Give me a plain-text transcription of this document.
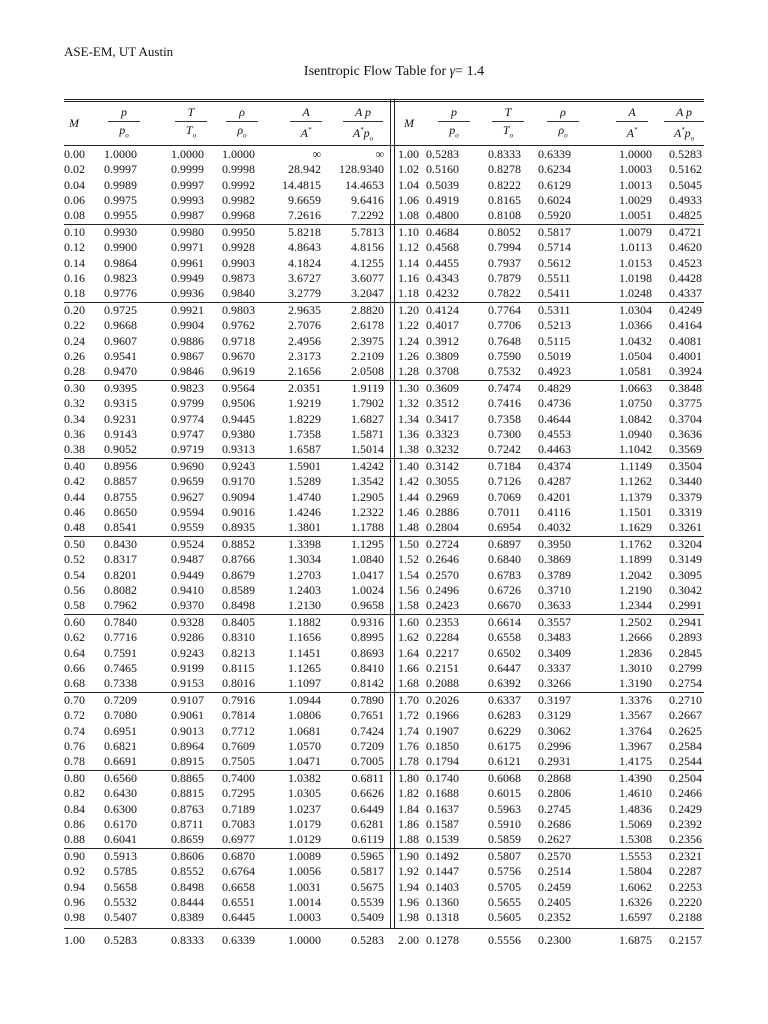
ASE-EM, UT Austin
Isentropic Flow Table for γ= 1.4
M	$\frac{p}{p_o} \frac{T}{T_o} \frac{\rho}{\rho_o} \frac{A}{A^*} \frac{\text{A p}}{A^*p_o}$	M	$\frac{p}{p_o} \frac{T}{T_o} \frac{\rho}{\rho_o} \frac{A}{A^*} \frac{\text{A p}}{A^*p_o}$
0.00	1.0000	1.0000	1.0000	∞	∞ 1.00 0.5283	0.8333	0.6339	1.0000	0.5283
0.02	0.9997	0.9999	0.9998	28.942	128.9340 1.02 0.5160	0.8278	0.6234	1.0003	0.5162
0.04	0.9989	0.9997	0.9992	14.4815	14.4653 1.04 0.5039	0.8222	0.6129	1.0013	0.5045
0.06	0.9975	0.9993	0.9982	9.6659	9.6416 1.06 0.4919	0.8165	0.6024	1.0029	0.4933
0.08	0.9955	0.9987	0.9968	7.2616	7.2292 1.08 0.4800	0.8108	0.5920	1.0051	0.4825
0.10	0.9930	0.9980	0.9950	5.8218	5.7813 1.10 0.4684	0.8052	0.5817	1.0079	0.4721
0.12	0.9900	0.9971	0.9928	4.8643	4.8156 1.12 0.4568	0.7994	0.5714	1.0113	0.4620
0.14	0.9864	0.9961	0.9903	4.1824	4.1255 1.14 0.4455	0.7937	0.5612	1.0153	0.4523
0.16	0.9823	0.9949	0.9873	3.6727	3.6077 1.16 0.4343	0.7879	0.5511	1.0198	0.4428
0.18	0.9776	0.9936	0.9840	3.2779	3.2047 1.18 0.4232	0.7822	0.5411	1.0248	0.4337
0.20	0.9725	0.9921	0.9803	2.9635	2.8820 1.20 0.4124	0.7764	0.5311	1.0304	0.4249
0.22	0.9668	0.9904	0.9762	2.7076	2.6178 1.22 0.4017	0.7706	0.5213	1.0366	0.4164
0.24	0.9607	0.9886	0.9718	2.4956	2.3975 1.24 0.3912	0.7648	0.5115	1.0432	0.4081
0.26	0.9541	0.9867	0.9670	2.3173	2.2109 1.26 0.3809	0.7590	0.5019	1.0504	0.4001
0.28	0.9470	0.9846	0.9619	2.1656	2.0508 1.28 0.3708	0.7532	0.4923	1.0581	0.3924
0.30	0.9395	0.9823	0.9564	2.0351	1.9119 1.30 0.3609	0.7474	0.4829	1.0663	0.3848
0.32	0.9315	0.9799	0.9506	1.9219	1.7902 1.32 0.3512	0.7416	0.4736	1.0750	0.3775
0.34	0.9231	0.9774	0.9445	1.8229	1.6827 1.34 0.3417	0.7358	0.4644	1.0842	0.3704
0.36	0.9143	0.9747	0.9380	1.7358	1.5871 1.36 0.3323	0.7300	0.4553	1.0940	0.3636
0.38	0.9052	0.9719	0.9313	1.6587	1.5014 1.38 0.3232	0.7242	0.4463	1.1042	0.3569
0.40	0.8956	0.9690	0.9243	1.5901	1.4242 1.40 0.3142	0.7184	0.4374	1.1149	0.3504
0.42	0.8857	0.9659	0.9170	1.5289	1.3542 1.42 0.3055	0.7126	0.4287	1.1262	0.3440
0.44	0.8755	0.9627	0.9094	1.4740	1.2905 1.44 0.2969	0.7069	0.4201	1.1379	0.3379
0.46	0.8650	0.9594	0.9016	1.4246	1.2322 1.46 0.2886	0.7011	0.4116	1.1501	0.3319
0.48	0.8541	0.9559	0.8935	1.3801	1.1788 1.48 0.2804	0.6954	0.4032	1.1629	0.3261
0.50	0.8430	0.9524	0.8852	1.3398	1.1295 1.50 0.2724	0.6897	0.3950	1.1762	0.3204
0.52	0.8317	0.9487	0.8766	1.3034	1.0840 1.52 0.2646	0.6840	0.3869	1.1899	0.3149
0.54	0.8201	0.9449	0.8679	1.2703	1.0417 1.54 0.2570	0.6783	0.3789	1.2042	0.3095
0.56	0.8082	0.9410	0.8589	1.2403	1.0024 1.56 0.2496	0.6726	0.3710	1.2190	0.3042
0.58	0.7962	0.9370	0.8498	1.2130	0.9658 1.58 0.2423	0.6670	0.3633	1.2344	0.2991
0.60	0.7840	0.9328	0.8405	1.1882	0.9316 1.60 0.2353	0.6614	0.3557	1.2502	0.2941
0.62	0.7716	0.9286	0.8310	1.1656	0.8995 1.62 0.2284	0.6558	0.3483	1.2666	0.2893
0.64	0.7591	0.9243	0.8213	1.1451	0.8693 1.64 0.2217	0.6502	0.3409	1.2836	0.2845
0.66	0.7465	0.9199	0.8115	1.1265	0.8410 1.66 0.2151	0.6447	0.3337	1.3010	0.2799
0.68	0.7338	0.9153	0.8016	1.1097	0.8142 1.68 0.2088	0.6392	0.3266	1.3190	0.2754
0.70	0.7209	0.9107	0.7916	1.0944	0.7890 1.70 0.2026	0.6337	0.3197	1.3376	0.2710
0.72	0.7080	0.9061	0.7814	1.0806	0.7651 1.72 0.1966	0.6283	0.3129	1.3567	0.2667
0.74	0.6951	0.9013	0.7712	1.0681	0.7424 1.74 0.1907	0.6229	0.3062	1.3764	0.2625
0.76	0.6821	0.8964	0.7609	1.0570	0.7209 1.76 0.1850	0.6175	0.2996	1.3967	0.2584
0.78	0.6691	0.8915	0.7505	1.0471	0.7005 1.78 0.1794	0.6121	0.2931	1.4175	0.2544
0.80	0.6560	0.8865	0.7400	1.0382	0.6811 1.80 0.1740	0.6068	0.2868	1.4390	0.2504
0.82	0.6430	0.8815	0.7295	1.0305	0.6626 1.82 0.1688	0.6015	0.2806	1.4610	0.2466
0.84	0.6300	0.8763	0.7189	1.0237	0.6449 1.84 0.1637	0.5963	0.2745	1.4836	0.2429
0.86	0.6170	0.8711	0.7083	1.0179	0.6281 1.86 0.1587	0.5910	0.2686	1.5069	0.2392
0.88	0.6041	0.8659	0.6977	1.0129	0.6119 1.88 0.1539	0.5859	0.2627	1.5308	0.2356
0.90	0.5913	0.8606	0.6870	1.0089	0.5965 1.90 0.1492	0.5807	0.2570	1.5553	0.2321
0.92	0.5785	0.8552	0.6764	1.0056	0.5817 1.92 0.1447	0.5756	0.2514	1.5804	0.2287
0.94	0.5658	0.8498	0.6658	1.0031	0.5675 1.94 0.1403	0.5705	0.2459	1.6062	0.2253
0.96	0.5532	0.8444	0.6551	1.0014	0.5539 1.96 0.1360	0.5655	0.2405	1.6326	0.2220
0.98	0.5407	0.8389	0.6445	1.0003	0.5409 1.98 0.1318	0.5605	0.2352	1.6597	0.2188
1.00	0.5283	0.8333	0.6339	1.0000	0.5283 2.00 0.1278	0.5556	0.2300	1.6875	0.2157
